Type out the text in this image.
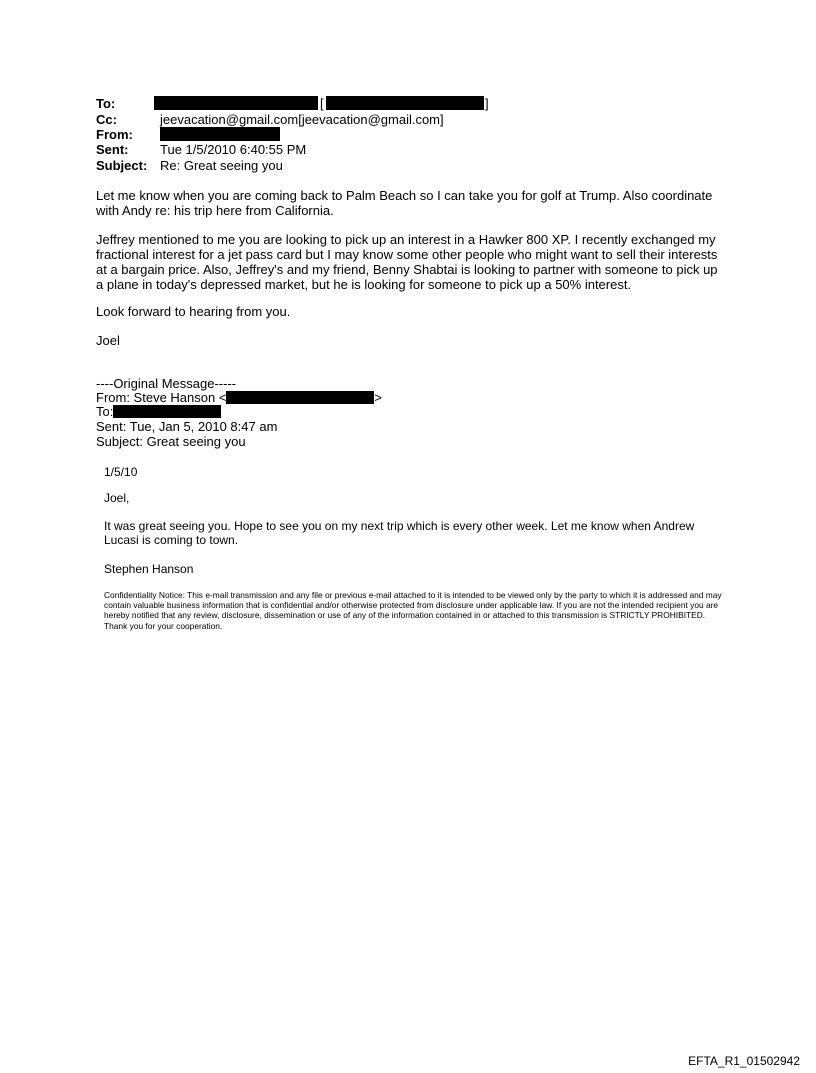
To:	[	]
Cc:	jeevacation@gmail.com[jeevacation@gmail.com]
From:
Sent: Tue 1/5/2010 6:40:55 PM
Subject: Re: Great seeing you

Let me know when you are coming back to Palm Beach so I can take you for golf at Trump. Also coordinate with Andy re: his trip here from California.

Jeffrey mentioned to me you are looking to pick up an interest in a Hawker 800 XP. I recently exchanged my fractional interest for a jet pass card but I may know some other people who might want to sell their interests at a bargain price. Also, Jeffrey's and my friend, Benny Shabtai is looking to partner with someone to pick up a plane in today's depressed market, but he is looking for someone to pick up a 50% interest.

Look forward to hearing from you.

Joel

----Original Message-----
From: Steve Hanson <	>
To:
Sent: Tue, Jan 5, 2010 8:47 am
Subject: Great seeing you
1/5/10
Joel,
It was great seeing you. Hope to see you on my next trip which is every other week. Let me know when Andrew Lucasi is coming to town.
Stephen Hanson
Confidentiality Notice: This e-mail transmission and any file or previous e-mail attached to it is intended to be viewed only by the party to which it is addressed and may contain valuable business information that is confidential and/or otherwise protected from disclosure under applicable law. If you are not the intended recipient you are hereby notified that any review, disclosure, dissemination or use of any of the information contained in or attached to this transmission is STRICTLY PROHIBITED. Thank you for your cooperation.
EFTA_R1_01502942
